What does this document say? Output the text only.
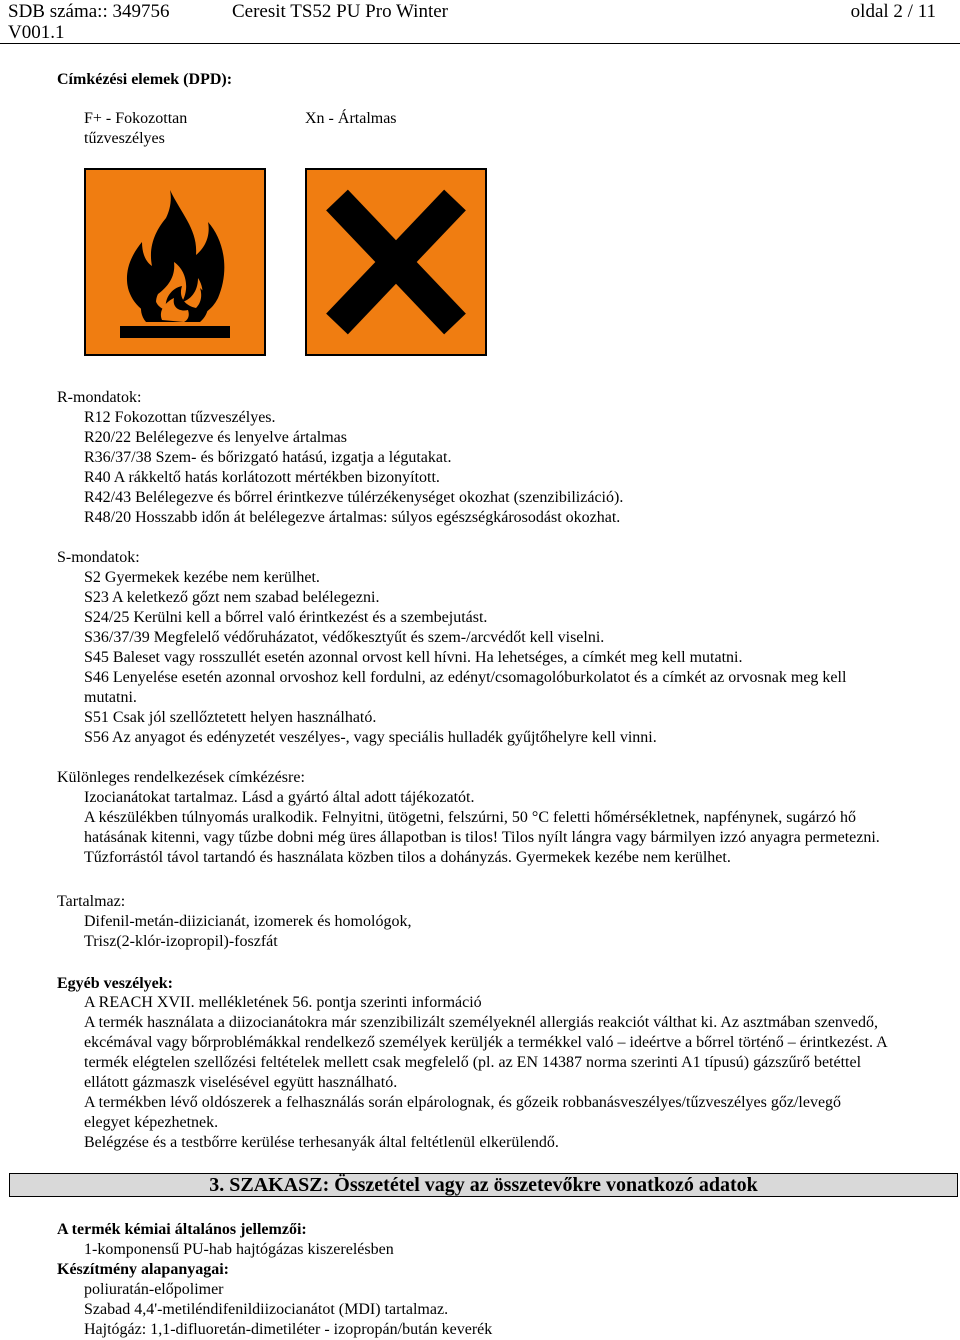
SDB száma:: 349756	Ceresit TS52 PU Pro Winter	oldal 2 / 11
V001.1
Címkézési elemek (DPD):
F+ - Fokozottan
tűzveszélyes
Xn - Ártalmas
R-mondatok:
R12 Fokozottan tűzveszélyes.
R20/22 Belélegezve és lenyelve ártalmas
R36/37/38 Szem- és bőrizgató hatású, izgatja a légutakat.
R40 A rákkeltő hatás korlátozott mértékben bizonyított.
R42/43 Belélegezve és bőrrel érintkezve túlérzékenységet okozhat (szenzibilizáció).
R48/20 Hosszabb időn át belélegezve ártalmas: súlyos egészségkárosodást okozhat.
S-mondatok:
S2 Gyermekek kezébe nem kerülhet.
S23 A keletkező gőzt nem szabad belélegezni.
S24/25 Kerülni kell a bőrrel való érintkezést és a szembejutást.
S36/37/39 Megfelelő védőruházatot, védőkesztyűt és szem-/arcvédőt kell viselni.
S45 Baleset vagy rosszullét esetén azonnal orvost kell hívni. Ha lehetséges, a címkét meg kell mutatni.
S46 Lenyelése esetén azonnal orvoshoz kell fordulni, az edényt/csomagolóburkolatot és a címkét az orvosnak meg kell
mutatni.
S51 Csak jól szellőztetett helyen használható.
S56 Az anyagot és edényzetét veszélyes-, vagy speciális hulladék gyűjtőhelyre kell vinni.
Különleges rendelkezések címkézésre:
Izocianátokat tartalmaz. Lásd a gyártó által adott tájékozatót.
A készülékben túlnyomás uralkodik. Felnyitni, ütögetni, felszúrni, 50 °C feletti hőmérsékletnek, napfénynek, sugárzó hő
hatásának kitenni, vagy tűzbe dobni még üres állapotban is tilos! Tilos nyílt lángra vagy bármilyen izzó anyagra permetezni.
Tűzforrástól távol tartandó és használata közben tilos a dohányzás. Gyermekek kezébe nem kerülhet.
Tartalmaz:
Difenil-metán-diizicianát, izomerek és homológok,
Trisz(2-klór-izopropil)-foszfát
Egyéb veszélyek:
A REACH XVII. mellékletének 56. pontja szerinti információ
A termék használata a diizocianátokra már szenzibilizált személyeknél allergiás reakciót válthat ki. Az asztmában szenvedő,
ekcémával vagy bőrproblémákkal rendelkező személyek kerüljék a termékkel való – ideértve a bőrrel történő – érintkezést. A
termék elégtelen szellőzési feltételek mellett csak megfelelő (pl. az EN 14387 norma szerinti A1 típusú) gázszűrő betéttel
ellátott gázmaszk viselésével együtt használható.
A termékben lévő oldószerek a felhasználás során elpárolognak, és gőzeik robbanásveszélyes/tűzveszélyes gőz/levegő
elegyet képezhetnek.
Belégzése és a testbőrre kerülése terhesanyák által feltétlenül elkerülendő.
3. SZAKASZ: Összetétel vagy az összetevőkre vonatkozó adatok
A termék kémiai általános jellemzői:
1-komponensű PU-hab hajtógázas kiszerelésben
Készítmény alapanyagai:
poliuratán-előpolimer
Szabad 4,4'-metiléndifenildiizocianátot (MDI) tartalmaz.
Hajtógáz: 1,1-difluoretán-dimetiléter - izopropán/bután keverék
